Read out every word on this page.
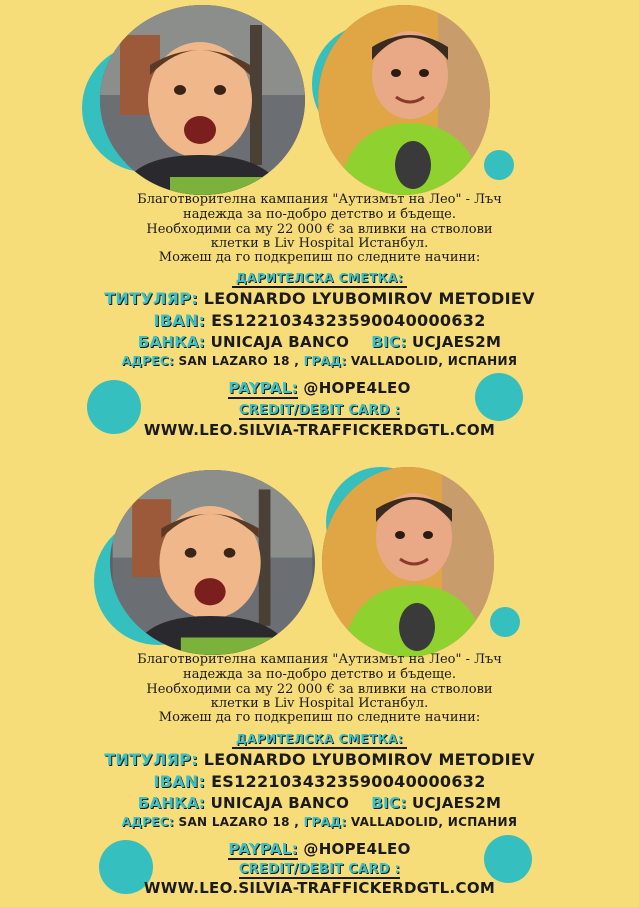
Благотворителна кампания "Аутизмът на Лео" - Лъч
надежда за по-добро детство и бъдеще.
Необходими са му 22 000 € за вливки на стволови
клетки в Liv Hospital Истанбул.
Можеш да го подкрепиш по следните начини:
ДАРИТЕЛСКА СМЕТКА:
ТИТУЛЯР: LEONARDO LYUBOMIROV METODIEV
IBAN: ES1221034323590040000632
БАНКА: UNICAJA BANCO BIC: UCJAES2M
АДРЕС: SAN LAZARO 18 , ГРАД: VALLADOLID, ИСПАНИЯ
PAYPAL: @HOPE4LEO
CREDIT/DEBIT CARD :
WWW.LEO.SILVIA-TRAFFICKERDGTL.COM
Благотворителна кампания "Аутизмът на Лео" - Лъч
надежда за по-добро детство и бъдеще.
Необходими са му 22 000 € за вливки на стволови
клетки в Liv Hospital Истанбул.
Можеш да го подкрепиш по следните начини:
ДАРИТЕЛСКА СМЕТКА:
ТИТУЛЯР: LEONARDO LYUBOMIROV METODIEV
IBAN: ES1221034323590040000632
БАНКА: UNICAJA BANCO BIC: UCJAES2M
АДРЕС: SAN LAZARO 18 , ГРАД: VALLADOLID, ИСПАНИЯ
PAYPAL: @HOPE4LEO
CREDIT/DEBIT CARD :
WWW.LEO.SILVIA-TRAFFICKERDGTL.COM
